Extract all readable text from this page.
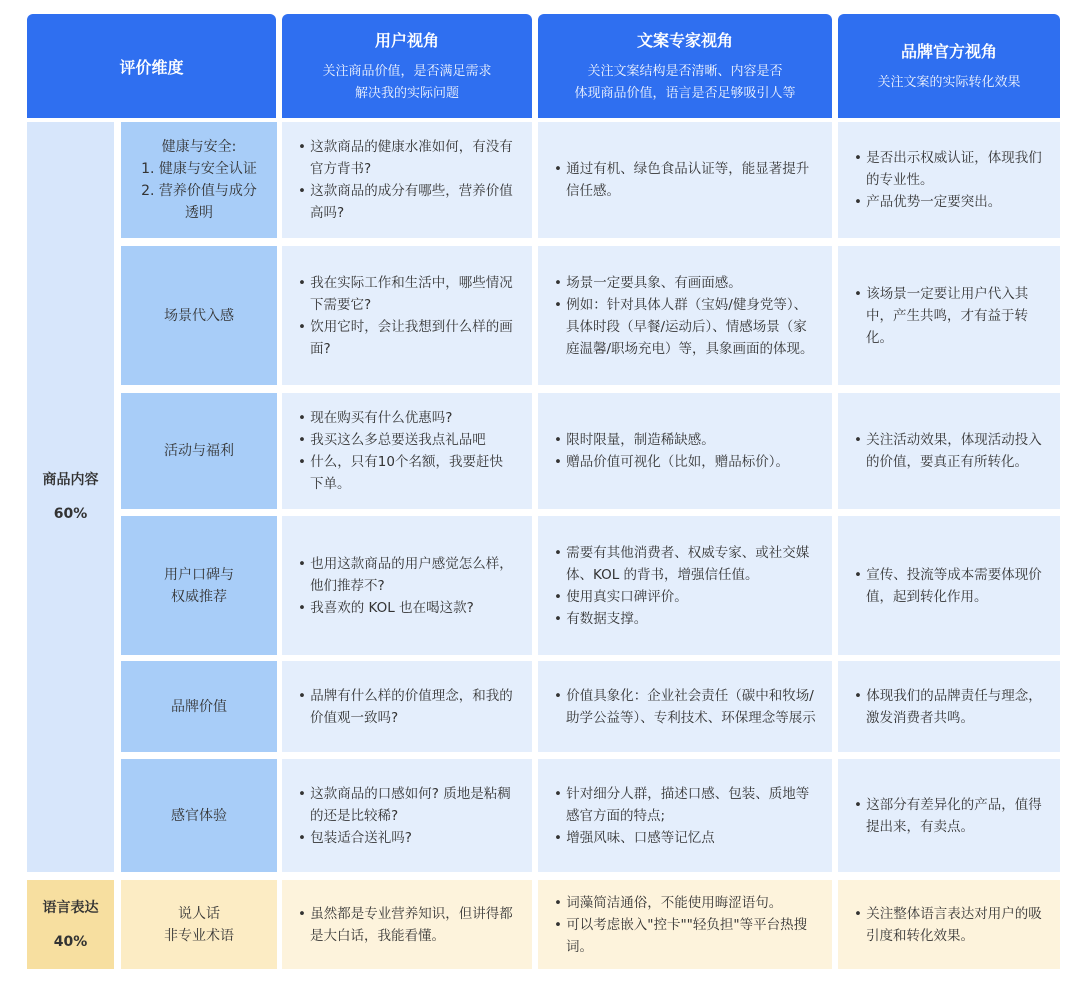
评价维度
用户视角
关注商品价值，是否满足需求
解决我的实际问题
文案专家视角
关注文案结构是否清晰、内容是否
体现商品价值，语言是否足够吸引人等
品牌官方视角
关注文案的实际转化效果
商品内容
60%
语言表达
40%
健康与安全:
1. 健康与安全认证
2. 营养价值与成分
透明
• 这款商品的健康水准如何，有没有官方背书?
• 这款商品的成分有哪些，营养价值高吗?
• 通过有机、绿色食品认证等，能显著提升信任感。
• 是否出示权威认证，体现我们的专业性。
• 产品优势一定要突出。
场景代入感
• 我在实际工作和生活中，哪些情况下需要它?
• 饮用它时，会让我想到什么样的画面?
• 场景一定要具象、有画面感。
• 例如：针对具体人群（宝妈/健身党等）、具体时段（早餐/运动后）、情感场景（家庭温馨/职场充电）等，具象画面的体现。
• 该场景一定要让用户代入其中，产生共鸣，才有益于转化。
活动与福利
• 现在购买有什么优惠吗?
• 我买这么多总要送我点礼品吧
• 什么，只有10个名额，我要赶快下单。
• 限时限量，制造稀缺感。
• 赠品价值可视化（比如，赠品标价）。
• 关注活动效果，体现活动投入的价值，要真正有所转化。
用户口碑与
权威推荐
• 也用这款商品的用户感觉怎么样，他们推荐不?
• 我喜欢的 KOL 也在喝这款?
• 需要有其他消费者、权威专家、或社交媒体、KOL 的背书，增强信任值。
• 使用真实口碑评价。
• 有数据支撑。
• 宣传、投流等成本需要体现价值，起到转化作用。
品牌价值
• 品牌有什么样的价值理念，和我的价值观一致吗?
• 价值具象化：企业社会责任（碳中和牧场/助学公益等）、专利技术、环保理念等展示
• 体现我们的品牌责任与理念，激发消费者共鸣。
感官体验
• 这款商品的口感如何? 质地是粘稠的还是比较稀?
• 包装适合送礼吗?
• 针对细分人群，描述口感、包装、质地等感官方面的特点;
• 增强风味、口感等记忆点
• 这部分有差异化的产品，值得提出来，有卖点。
说人话
非专业术语
• 虽然都是专业营养知识，但讲得都是大白话，我能看懂。
• 词藻简洁通俗，不能使用晦涩语句。
• 可以考虑嵌入"控卡""轻负担"等平台热搜词。
• 关注整体语言表达对用户的吸引度和转化效果。
